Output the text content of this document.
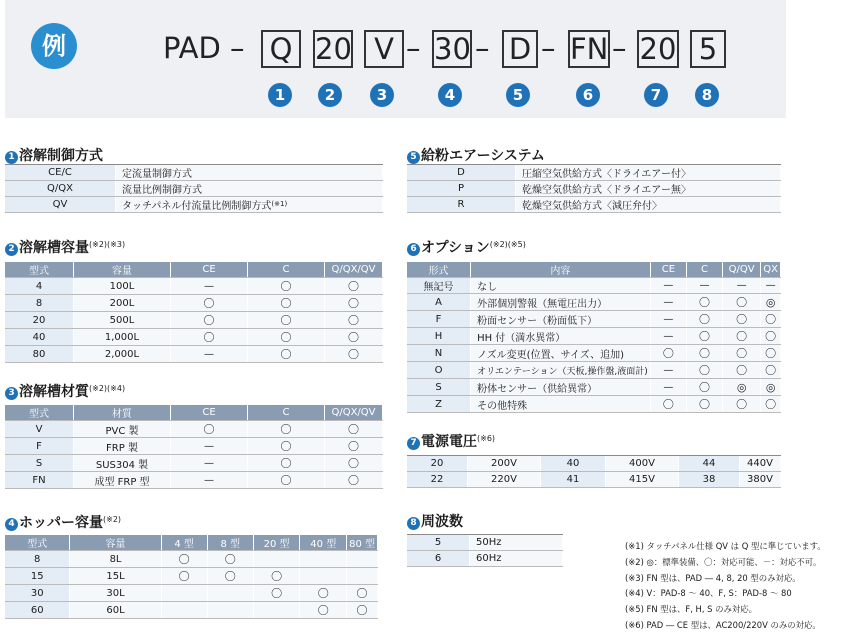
例	PAD – Q 20 V – 30 – D – FN – 20 5
1	2	3	4	5	6	7	8
1 溶解制御方式
CE/C	定流量制御方式
Q/QX	流量比例制御方式
QV	タッチパネル付流量比例制御方式$^{(※1)}$
2 溶解槽容量$^{(※2)(※3)}$
型式	容量	CE	C	Q/QX/QV
4	100L	—	〇	〇
8	200L	〇	〇	〇
20	500L	〇	〇	〇
40	1,000L	〇	〇	〇
80	2,000L	—	〇	〇
3 溶解槽材質$^{(※2)(※4)}$
型式	材質	CE	C	Q/QX/QV
V	PVC 製	〇	〇	〇
F	FRP 製	—	〇	〇
S	SUS304 製	—	〇	〇
FN	成型 FRP 型	—	〇	〇
4 ホッパー容量$^{(※2)}$
型式	容量	4 型	8 型	20 型	40 型	80 型
8	8L	〇	〇			
15	15L	〇	〇	〇		
30	30L			〇	〇	〇
60	60L				〇	〇
5 給粉エアーシステム
D	圧縮空気供給方式〈ドライエアー付〉
P	乾燥空気供給方式〈ドライエアー無〉
R	乾燥空気供給方式〈減圧弁付〉
6 オプション$^{(※2)(※5)}$
形式	内容	CE	C	Q/QV	QX
無記号	なし	—	—	—	—
A	外部個別警報（無電圧出力）	—	〇	〇	◎
F	粉面センサー（粉面低下）	—	〇	〇	〇
H	HH 付（満水異常）	—	〇	〇	〇
N	ノズル変更(位置、サイズ、追加)	〇	〇	〇	〇
O	オリエンテーション（天板,操作盤,液面計)	—	〇	〇	〇
S	粉体センサー（供給異常）	—	〇	◎	◎
Z	その他特殊	〇	〇	〇	〇
7 電源電圧$^{(※6)}$
20	200V	40	400V	44	440V
22	220V	41	415V	38	380V
8 周波数
5	50Hz
6	60Hz
(※1) タッチパネル仕様 QV は Q 型に準じています。
(※2) ◎：標準装備、〇：対応可能、－：対応不可。
(※3) FN 型は、PAD ― 4, 8, 20 型のみ対応。
(※4) V：PAD-8 〜 40、F, S：PAD-8 〜 80
(※5) FN 型は、F, H, S のみ対応。
(※6) PAD ― CE 型は、AC200/220V のみの対応。
